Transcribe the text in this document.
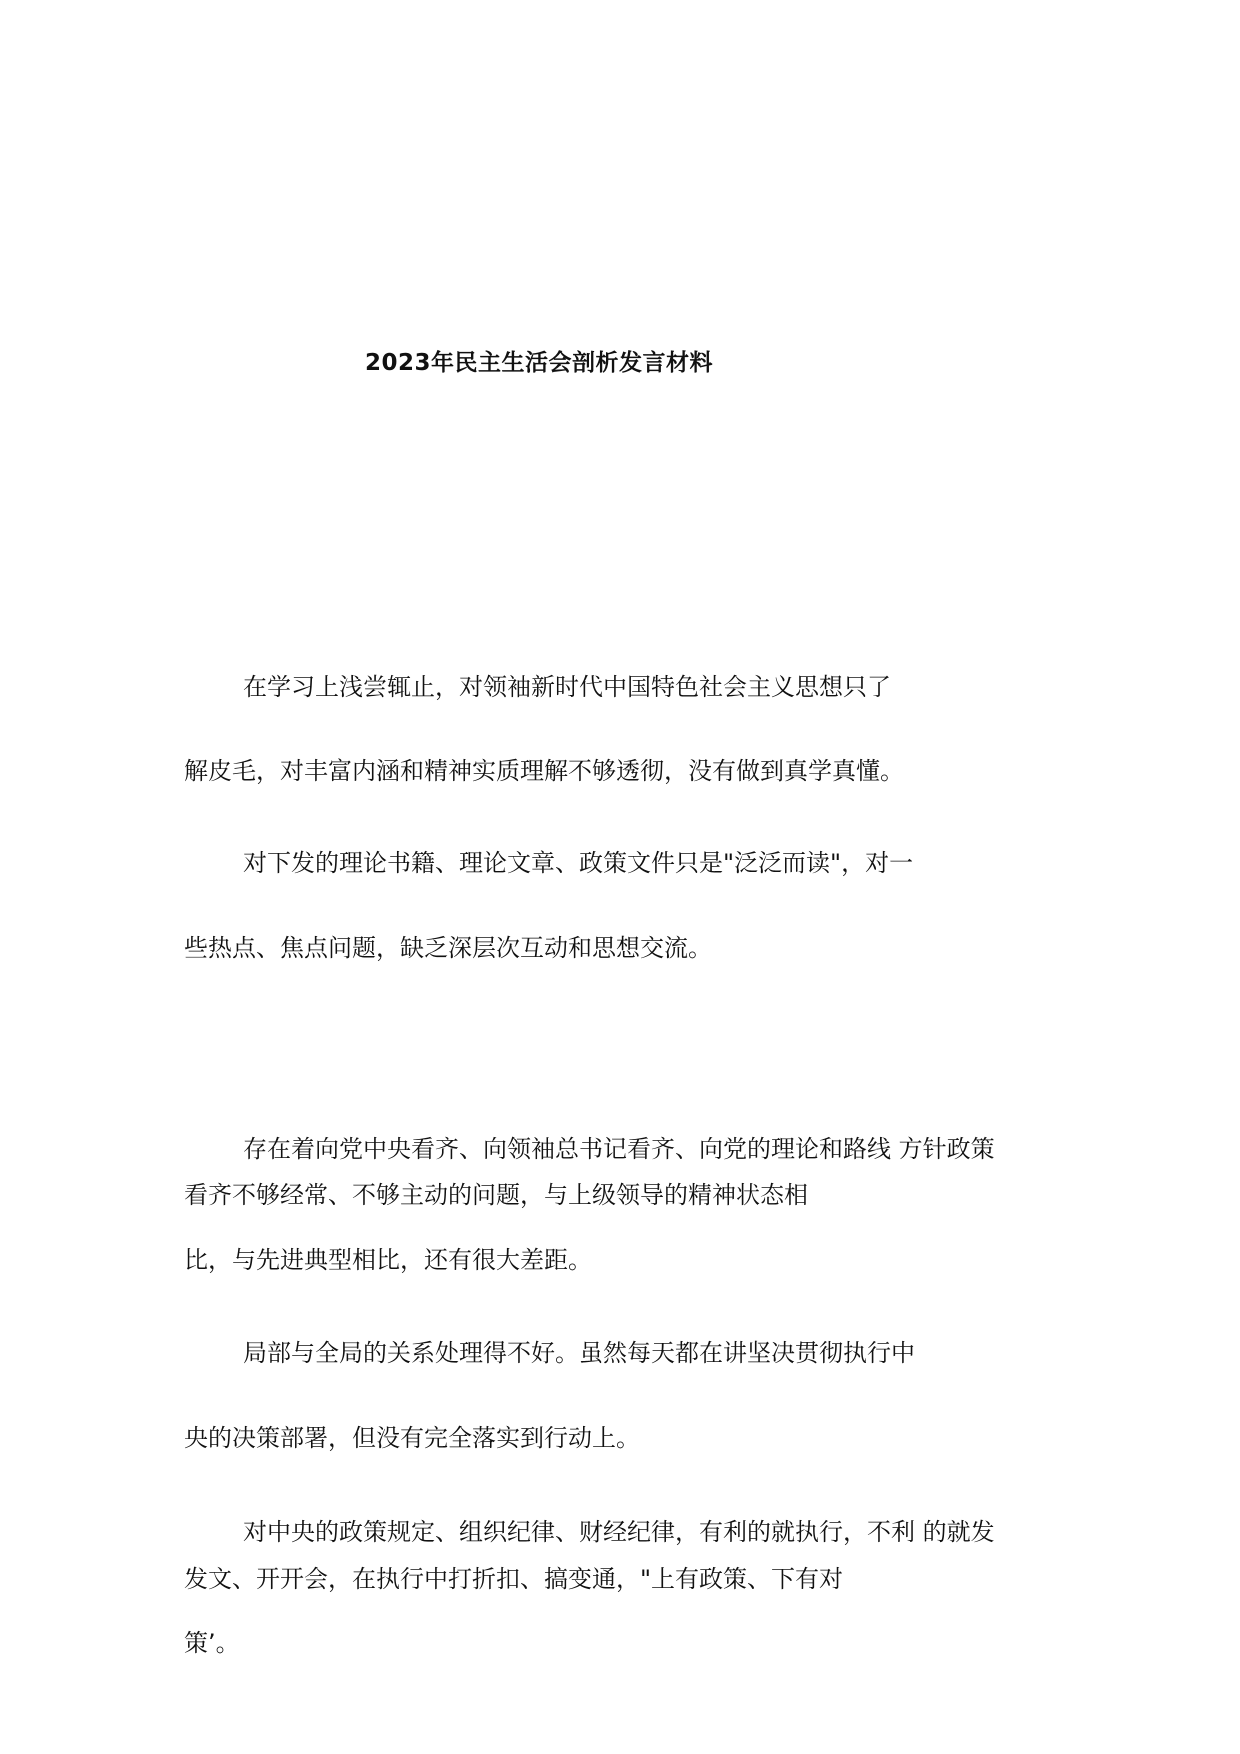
2023年民主生活会剖析发言材料
在学习上浅尝辄止，对领袖新时代中国特色社会主义思想只了
解皮毛，对丰富内涵和精神实质理解不够透彻，没有做到真学真懂。
对下发的理论书籍、理论文章、政策文件只是"泛泛而读"，对一
些热点、焦点问题，缺乏深层次互动和思想交流。
存在着向党中央看齐、向领袖总书记看齐、向党的理论和路线 方针政策
看齐不够经常、不够主动的问题，与上级领导的精神状态相
比，与先进典型相比，还有很大差距。
局部与全局的关系处理得不好。虽然每天都在讲坚决贯彻执行中
央的决策部署，但没有完全落实到行动上。
对中央的政策规定、组织纪律、财经纪律，有利的就执行，不利 的就发
发文、开开会，在执行中打折扣、搞变通，"上有政策、下有对
策’。
